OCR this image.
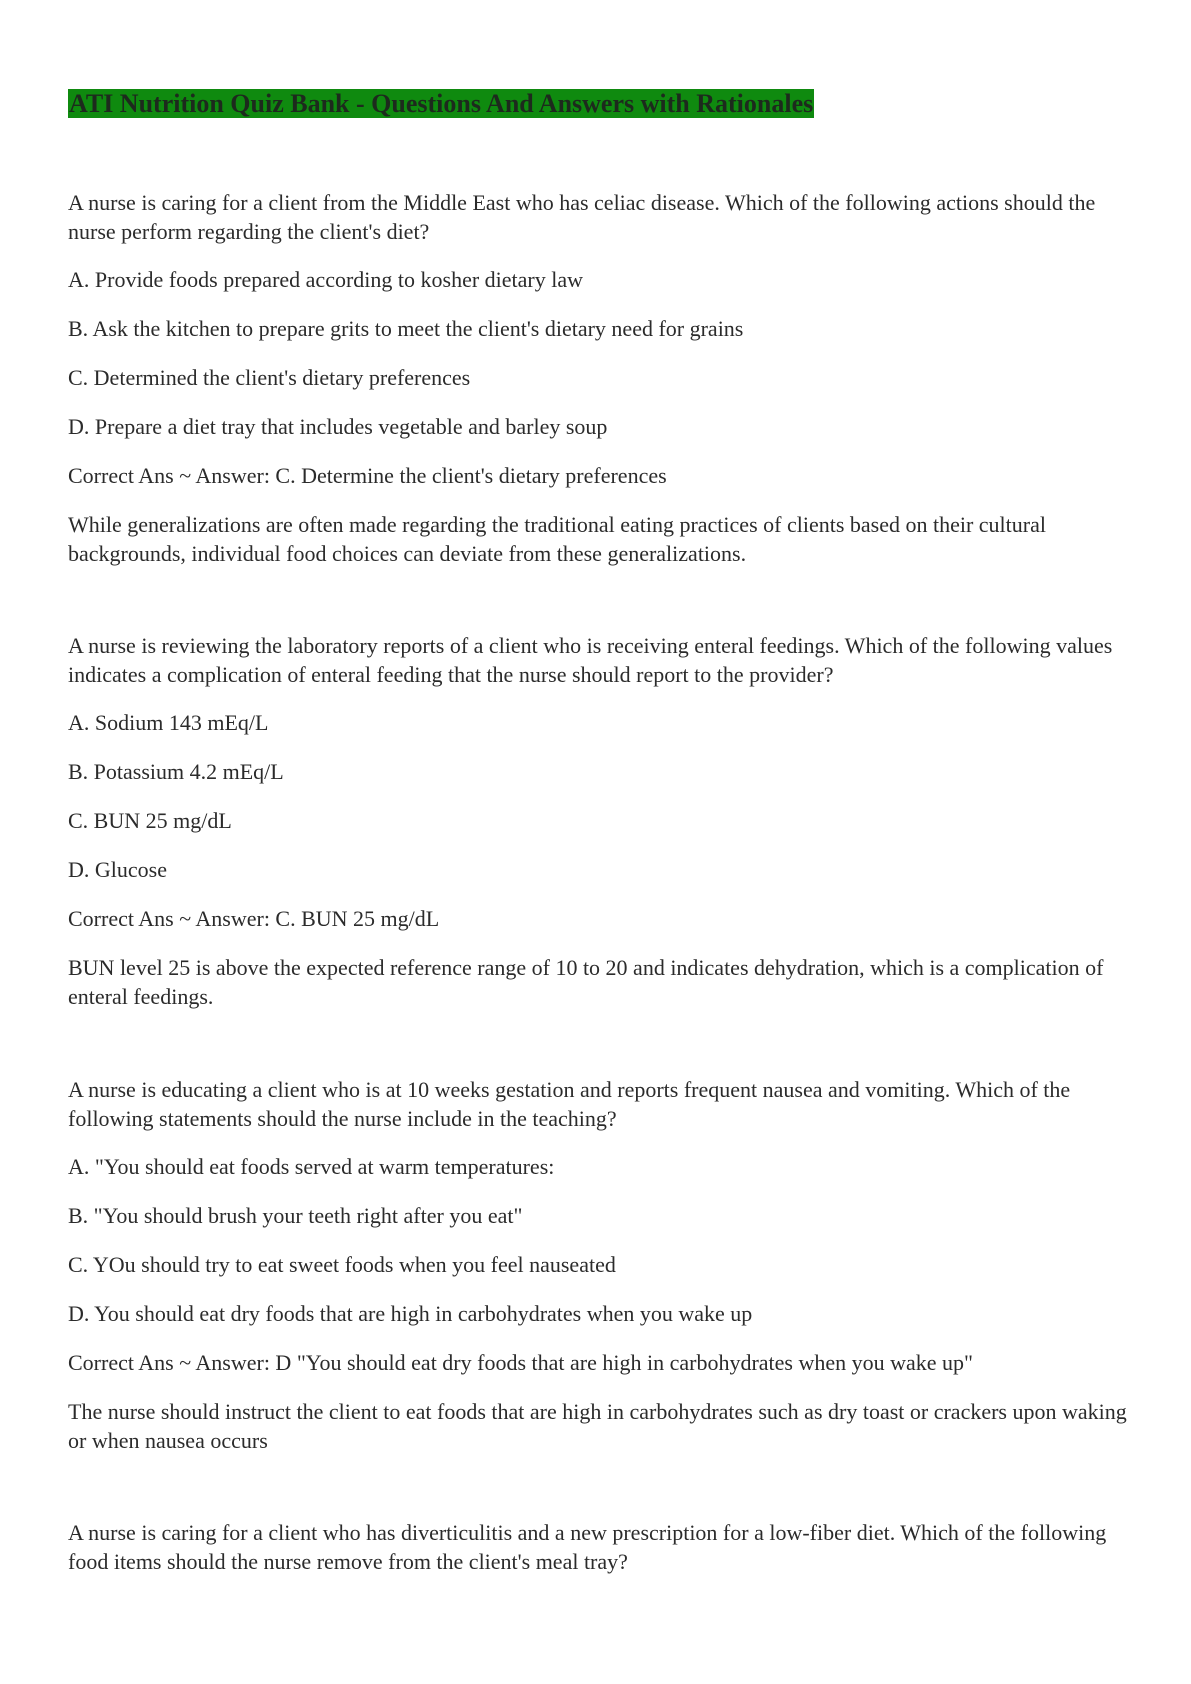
ATI Nutrition Quiz Bank - Questions And Answers with Rationales

A nurse is caring for a client from the Middle East who has celiac disease. Which of the following actions should the nurse perform regarding the client's diet?

A. Provide foods prepared according to kosher dietary law

B. Ask the kitchen to prepare grits to meet the client's dietary need for grains

C. Determined the client's dietary preferences

D. Prepare a diet tray that includes vegetable and barley soup

Correct Ans ~ Answer: C. Determine the client's dietary preferences

While generalizations are often made regarding the traditional eating practices of clients based on their cultural backgrounds, individual food choices can deviate from these generalizations.

A nurse is reviewing the laboratory reports of a client who is receiving enteral feedings. Which of the following values indicates a complication of enteral feeding that the nurse should report to the provider?

A. Sodium 143 mEq/L

B. Potassium 4.2 mEq/L

C. BUN 25 mg/dL

D. Glucose

Correct Ans ~ Answer: C. BUN 25 mg/dL

BUN level 25 is above the expected reference range of 10 to 20 and indicates dehydration, which is a complication of enteral feedings.

A nurse is educating a client who is at 10 weeks gestation and reports frequent nausea and vomiting. Which of the following statements should the nurse include in the teaching?

A. "You should eat foods served at warm temperatures:

B. "You should brush your teeth right after you eat"

C. YOu should try to eat sweet foods when you feel nauseated

D. You should eat dry foods that are high in carbohydrates when you wake up

Correct Ans ~ Answer: D "You should eat dry foods that are high in carbohydrates when you wake up"

The nurse should instruct the client to eat foods that are high in carbohydrates such as dry toast or crackers upon waking or when nausea occurs

A nurse is caring for a client who has diverticulitis and a new prescription for a low-fiber diet. Which of the following food items should the nurse remove from the client's meal tray?
